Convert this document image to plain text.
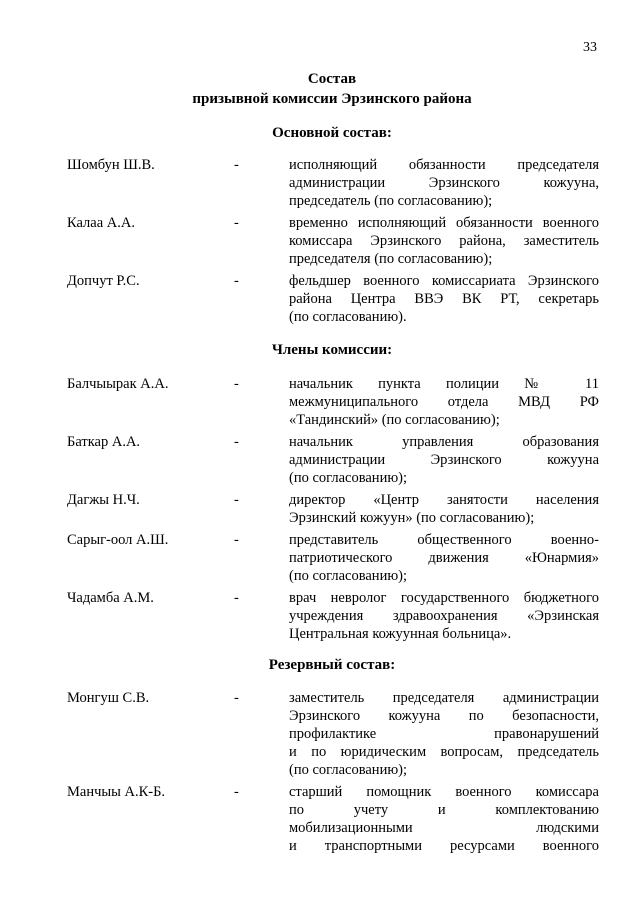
33
Состав
призывной комиссии Эрзинского района
Основной состав:
Шомбун Ш.В.	-	исполняющий обязанности председателя
администрации Эрзинского кожууна,
председатель (по согласованию);
Калаа А.А.	-	временно исполняющий обязанности военного
комиссара Эрзинского района, заместитель
председателя (по согласованию);
Допчут Р.С.	-	фельдшер военного комиссариата Эрзинского
района Центра ВВЭ ВК РТ, секретарь
(по согласованию).
Члены комиссии:
Балчыырак А.А.	-	начальник пункта полиции № 11
межмуниципального отдела МВД РФ
«Тандинский» (по согласованию);
Баткар А.А.	-	начальник управления образования
администрации Эрзинского кожууна
(по согласованию);
Дагжы Н.Ч.	-	директор «Центр занятости населения
Эрзинский кожуун» (по согласованию);
Сарыг-оол А.Ш.	-	представитель общественного военно-
патриотического движения «Юнармия»
(по согласованию);
Чадамба А.М.	-	врач невролог государственного бюджетного
учреждения здравоохранения «Эрзинская
Центральная кожуунная больница».
Резервный состав:
Монгуш С.В.	-	заместитель председателя администрации
Эрзинского кожууна по безопасности,
профилактике правонарушений
и по юридическим вопросам, председатель
(по согласованию);
Манчыы А.К-Б.	-	старший помощник военного комиссара
по учету и комплектованию
мобилизационными людскими
и транспортными ресурсами военного
